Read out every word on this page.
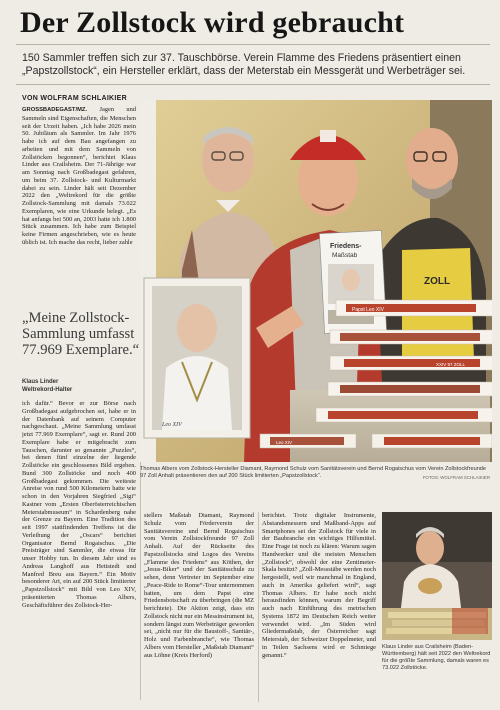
Der Zollstock wird gebraucht
150 Sammler treffen sich zur 37. Tauschbörse. Verein Flamme des Friedens präsentiert einen „Papstzollstock“, ein Hersteller erklärt, dass der Meterstab ein Messgerät und Werbeträger sei.
VON WOLFRAM SCHLAIKIER
GROSSBADEGAST/MZ. Jagen und Sammeln sind Eigenschaften, die Menschen seit der Urzeit haben. „Ich habe 2026 mein 50. Jubiläum als Sammler. Im Jahr 1976 habe ich auf dem Bau angefangen zu arbeiten und mit dem Sammeln von Zollstöcken begonnen“, berichtet Klaus Linder aus Crailsheim. Der 71-Jährige war am Sonntag nach Großbadegast gefahren, um beim 37. Zollstock- und Kulturmarkt dabei zu sein. Linder hält seit Dezember 2022 den „Weltrekord für die größte Zollstock-Sammlung mit damals 73.022 Exemplaren, wie eine Urkunde belegt. „Es hat anfangs bei 500 an, 2003 hatte ich 1.800 Stück zusammen. Ich habe zum Beispiel keine Firmen angeschrieben, wie es heute üblich ist. Ich mache das recht, lieber zahle
„Meine Zollstock-Sammlung umfasst 77.969 Exemplare.“
Klaus Linder
Weltrekord-Halter
ich dafür.“ Bevor er zur Börse nach Großbadegast aufgebrochen sei, habe er in der Datenbank auf seinem Computer nachgeschaut. „Meine Sammlung umfasst jetzt 77.969 Exemplare“, sagt er. Rund 200 Exemplare habe er mitgebracht zum Tauschen, darunter so genannte „Puzzles“, bei denen fünf einzelne der liegende Zollstöcke ein geschlossenes Bild ergeben. Bund 300 Zollstöcke und noch 400 Großbadegast gekommen. Die weiteste Anreise von rund 500 Kilometern hatte wie schon in den Vorjahren Siegfried „Sigi“ Kastner vom „Ersten Oberösterreichischen Meterstabmuseum“ in Schardenberg nahe der Grenze zu Bayern. Eine Tradition des seit 1997 stattfindenden Treffens ist die Verleihung der „Oscars“ berichtet Organisator Bernd Rogaischus. „Die Preisträger sind Sammler, die etwas für unser Hobby tun. In diesem Jahr sind es Andreas Langhoff aus Hettstedt und Manfred Breu aus Bayern.“ Ein Motiv besonderer Art, ein auf 200 Stück limitierter „Papstzollstock“ mit Bild von Leo XIV, präsentierten Thomas Albers, Geschäftsführer des Zollstock-Her-
ZOLL
Friedens-
Maßstab
Leo XIV
Papst Leo XIV
XXIV 97 ZOLL
Leo XIV
Thomas Albers vom Zollstock-Hersteller Diamant, Raymond Schulz vom Sanitätsverein und Bernd Rogaischus vom Verein Zollstockfreunde 97 Zoll Anhalt präsentieren den auf 200 Stück limitierten „Papstzollstock“.	FOTOS: WOLFRAM SCHLAIKIER
stellers Maßstab Diamant, Raymond Schulz vom Förderverein der Sanitätsvereine und Bernd Rogaischus vom Verein Zollstockfreunde 97 Zoll Anhalt. Auf der Rückseite des Papstzollstocks sind Logos des Vereins „Flamme des Friedens“ aus Köthen, der „Jesus-Biker“ und der Sanitätsschule zu sehen, denn Vertreter im September eine „Peace-Ride to Rome“-Tour unternommen hatten, um dem Papst eine Friedensbotschaft zu überbringen (die MZ berichtete). Die Aktion zeigt, dass ein Zollstock nicht nur ein Messinstrument ist, sondern längst zum Werbeträger geworden sei, „nicht nur für die Baustoff-, Sanitär-, Holz und Farbenbranche“, wie Thomas Albers vom Hersteller „Maßstab Diamant“ aus Löhne (Kreis Herford)
berichtet. Trotz digitaler Instrumente, Abstandsmessern und Maßband-Apps auf Smartphones sei der Zollstock für viele in der Baubranche ein wichtiges Hilfsmittel. Eine Frage ist noch zu klären: Warum sagen Handwerker und die meisten Menschen „Zollstock“, obwohl der eine Zentimeter-Skala besitzt? „Zoll-Messstäbe werden noch hergestellt, weil wir manchmal in England, auch in Amerika geliefert wird“, sagt Thomas Albers. Er habe noch nicht herausfinden können, warum der Begriff auch nach Einführung des metrischen Systems 1872 im Deutschen Reich weiter verwendet wird. „Im Süden wird Gliedermaßstab, der Österreicher sagt Meterstab, der Schweizer Doppelmeter, und in Teilen Sachsens wird er Schmiege genannt.“
Klaus Linder aus Crailsheim (Baden-Württemberg) hält seit 2022 den Weltrekord für die größte Sammlung, damals waren es 73.022 Zollstöcke.
